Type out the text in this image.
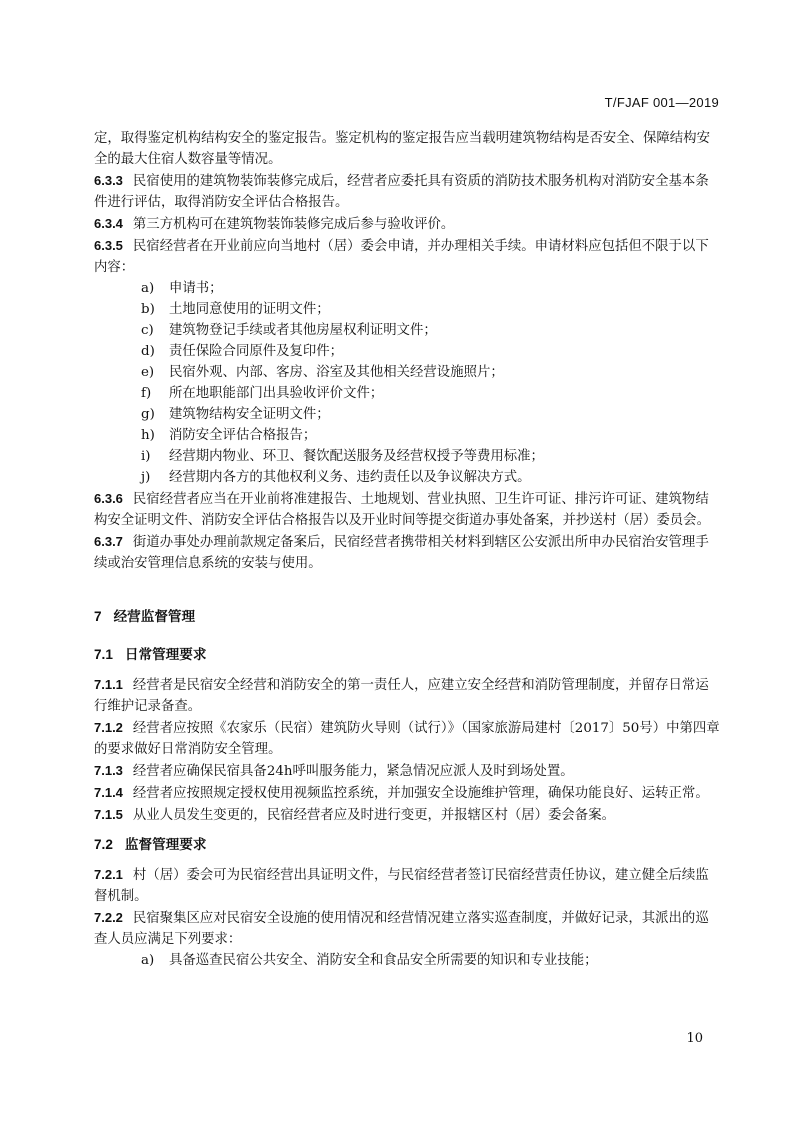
T/FJAF 001—2019

定，取得鉴定机构结构安全的鉴定报告。鉴定机构的鉴定报告应当载明建筑物结构是否安全、保障结构安全的最大住宿人数容量等情况。

6.3.3 民宿使用的建筑物装饰装修完成后，经营者应委托具有资质的消防技术服务机构对消防安全基本条件进行评估，取得消防安全评估合格报告。

6.3.4 第三方机构可在建筑物装饰装修完成后参与验收评价。

6.3.5 民宿经营者在开业前应向当地村（居）委会申请，并办理相关手续。申请材料应包括但不限于以下内容：

a) 申请书；

b) 土地同意使用的证明文件；

c) 建筑物登记手续或者其他房屋权利证明文件；

d) 责任保险合同原件及复印件；

e) 民宿外观、内部、客房、浴室及其他相关经营设施照片；

f) 所在地职能部门出具验收评价文件；

g) 建筑物结构安全证明文件；

h) 消防安全评估合格报告；

i) 经营期内物业、环卫、餐饮配送服务及经营权授予等费用标准；

j) 经营期内各方的其他权利义务、违约责任以及争议解决方式。

6.3.6 民宿经营者应当在开业前将准建报告、土地规划、营业执照、卫生许可证、排污许可证、建筑物结构安全证明文件、消防安全评估合格报告以及开业时间等提交街道办事处备案，并抄送村（居）委员会。

6.3.7 街道办事处办理前款规定备案后，民宿经营者携带相关材料到辖区公安派出所申办民宿治安管理手续或治安管理信息系统的安装与使用。

7 经营监督管理

7.1 日常管理要求

7.1.1 经营者是民宿安全经营和消防安全的第一责任人，应建立安全经营和消防管理制度，并留存日常运行维护记录备查。

7.1.2 经营者应按照《农家乐（民宿）建筑防火导则（试行）》（国家旅游局建村〔2017〕50号）中第四章的要求做好日常消防安全管理。

7.1.3 经营者应确保民宿具备24h呼叫服务能力，紧急情况应派人及时到场处置。

7.1.4 经营者应按照规定授权使用视频监控系统，并加强安全设施维护管理，确保功能良好、运转正常。

7.1.5 从业人员发生变更的，民宿经营者应及时进行变更，并报辖区村（居）委会备案。

7.2 监督管理要求

7.2.1 村（居）委会可为民宿经营出具证明文件，与民宿经营者签订民宿经营责任协议，建立健全后续监督机制。

7.2.2 民宿聚集区应对民宿安全设施的使用情况和经营情况建立落实巡查制度，并做好记录，其派出的巡查人员应满足下列要求：

a) 具备巡查民宿公共安全、消防安全和食品安全所需要的知识和专业技能；

10
